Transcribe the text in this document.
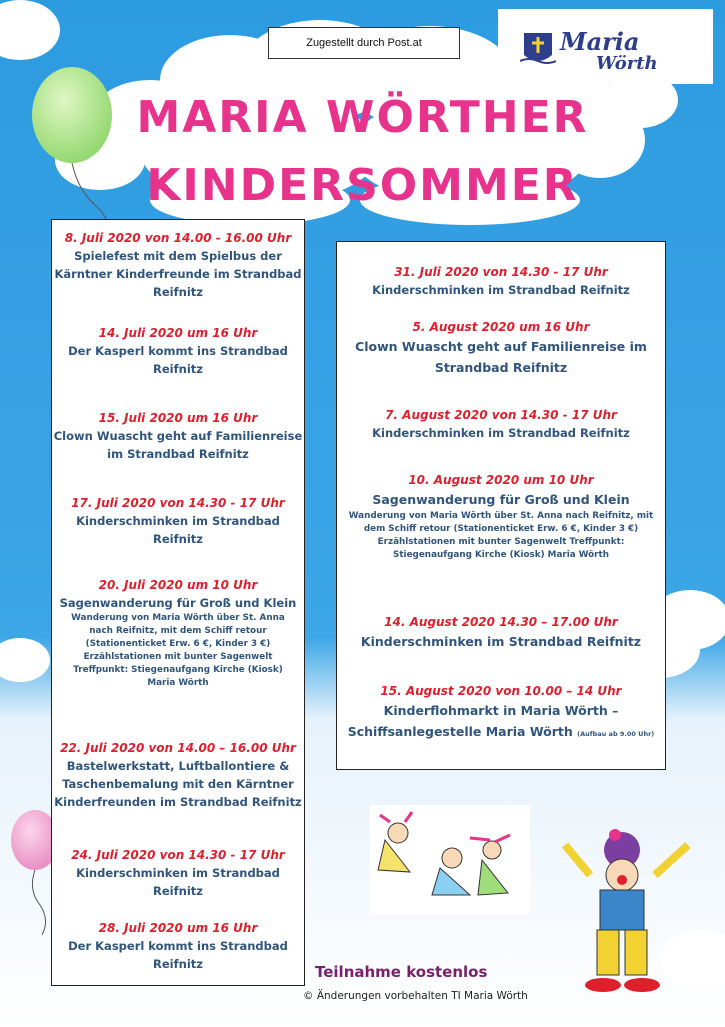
Zugestellt durch Post.at	Maria
Wörth
MARIA WÖRTHER
KINDERSOMMER
8. Juli 2020 von 14.00 - 16.00 Uhr
Spielefest mit dem Spielbus der
Kärntner Kinderfreunde im Strandbad
Reifnitz
14. Juli 2020 um 16 Uhr
Der Kasperl kommt ins Strandbad
Reifnitz
15. Juli 2020 um 16 Uhr
Clown Wuascht geht auf Familienreise
im Strandbad Reifnitz
17. Juli 2020 von 14.30 - 17 Uhr
Kinderschminken im Strandbad
Reifnitz
20. Juli 2020 um 10 Uhr
Sagenwanderung für Groß und Klein
Wanderung von Maria Wörth über St. Anna
nach Reifnitz, mit dem Schiff retour
(Stationenticket Erw. 6 €, Kinder 3 €)
Erzählstationen mit bunter Sagenwelt
Treffpunkt: Stiegenaufgang Kirche (Kiosk)
Maria Wörth
22. Juli 2020 von 14.00 – 16.00 Uhr
Bastelwerkstatt, Luftballontiere &
Taschenbemalung mit den Kärntner
Kinderfreunden im Strandbad Reifnitz
24. Juli 2020 von 14.30 - 17 Uhr
Kinderschminken im Strandbad
Reifnitz
28. Juli 2020 um 16 Uhr
Der Kasperl kommt ins Strandbad
Reifnitz
31. Juli 2020 von 14.30 - 17 Uhr
Kinderschminken im Strandbad Reifnitz
5. August 2020 um 16 Uhr
Clown Wuascht geht auf Familienreise im
Strandbad Reifnitz
7. August 2020 von 14.30 - 17 Uhr
Kinderschminken im Strandbad Reifnitz
10. August 2020 um 10 Uhr
Sagenwanderung für Groß und Klein
Wanderung von Maria Wörth über St. Anna nach Reifnitz, mit
dem Schiff retour (Stationenticket Erw. 6 €, Kinder 3 €)
Erzählstationen mit bunter Sagenwelt Treffpunkt:
Stiegenaufgang Kirche (Kiosk) Maria Wörth
14. August 2020 14.30 – 17.00 Uhr
Kinderschminken im Strandbad Reifnitz
15. August 2020 von 10.00 – 14 Uhr
Kinderflohmarkt in Maria Wörth –
Schiffsanlegestelle Maria Wörth (Aufbau ab 9.00 Uhr)
Teilnahme kostenlos
© Änderungen vorbehalten TI Maria Wörth
